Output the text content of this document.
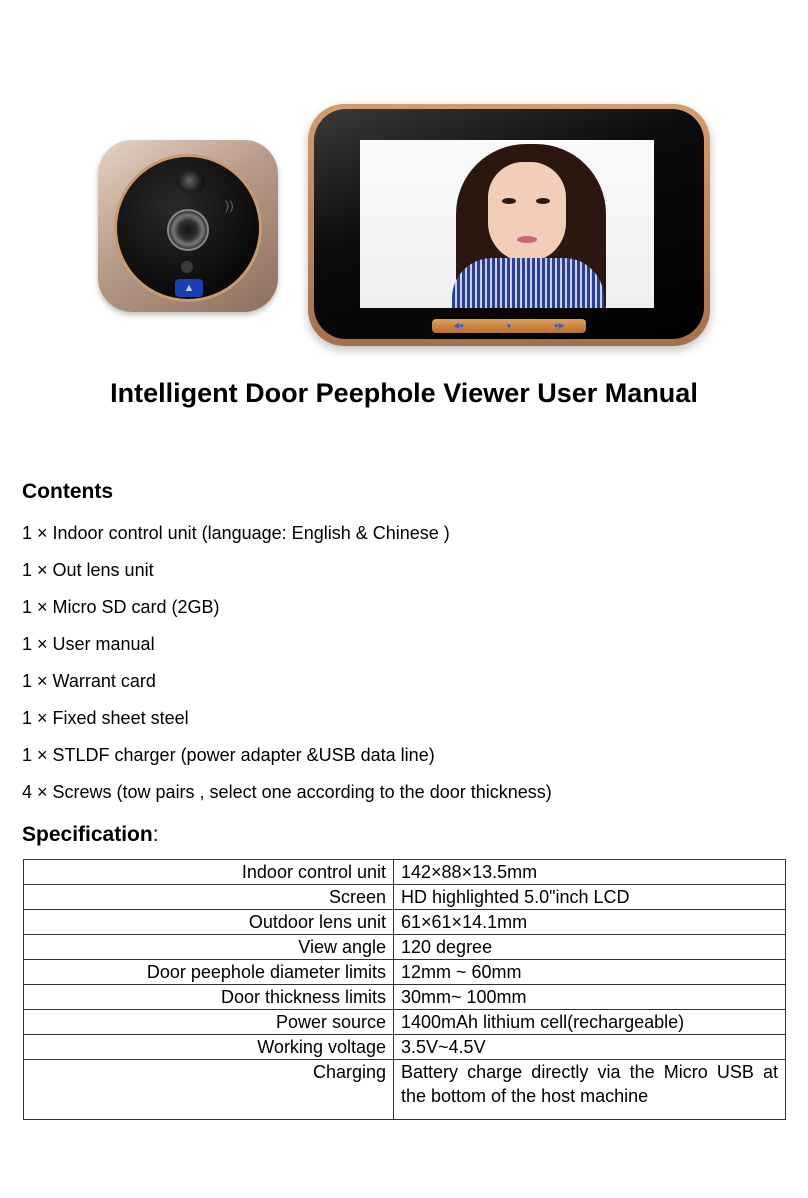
))
▲
◀●	●	●▶
Intelligent Door Peephole Viewer User Manual
Contents
1 × Indoor control unit (language: English & Chinese )
1 × Out lens unit
1 × Micro SD card (2GB)
1 × User manual
1 × Warrant card
1 × Fixed sheet steel
1 × STLDF charger (power adapter &USB data line)
4 × Screws (tow pairs , select one according to the door thickness)
Specification:
Indoor control unit	142×88×13.5mm
Screen	HD highlighted 5.0"inch LCD
Outdoor lens unit	61×61×14.1mm
View angle	120 degree
Door peephole diameter limits	12mm ~ 60mm
Door thickness limits	30mm~ 100mm
Power source	1400mAh lithium cell(rechargeable)
Working voltage	3.5V~4.5V
Charging	Battery charge directly via the Micro USB at the bottom of the host machine
